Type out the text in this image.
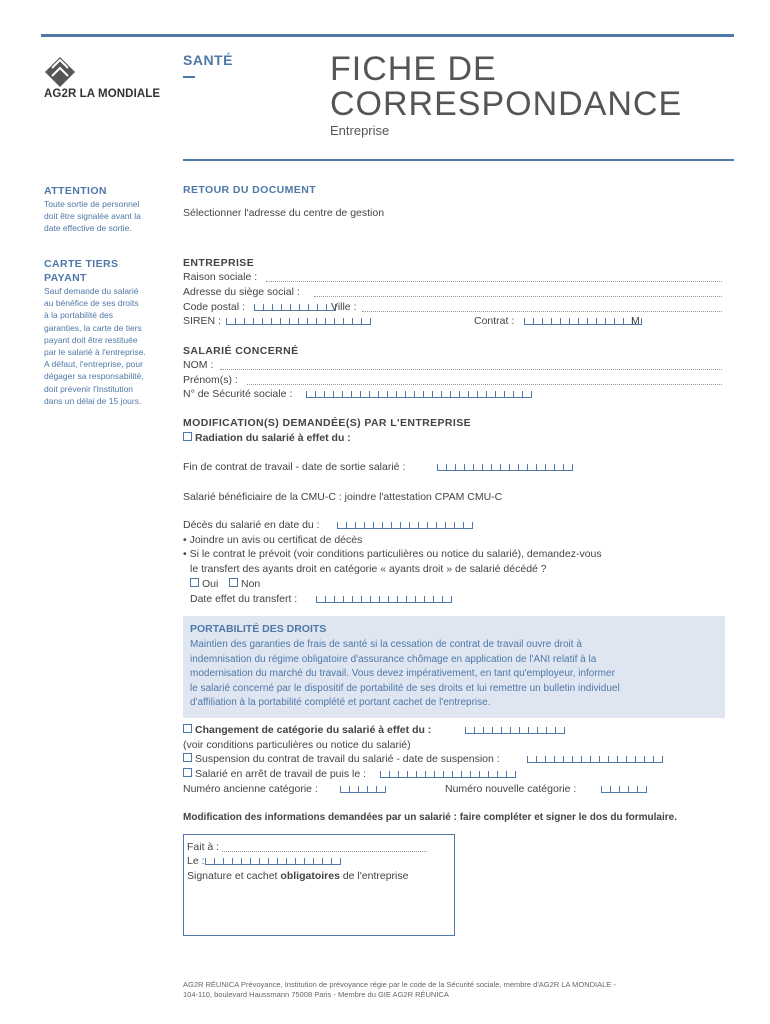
AG2R LA MONDIALE
SANTÉ	FICHE DE
CORRESPONDANCE
Entreprise
ATTENTION
Toute sortie de personnel
doit être signalée avant la
date effective de sortie.
CARTE TIERS
PAYANT
Sauf demande du salarié
au bénéfice de ses droits
à la portabilité des
garanties, la carte de tiers
payant doit être restituée
par le salarié à l'entreprise.
A défaut, l'entreprise, pour
dégager sa responsabilité,
doit prévenir l'Institution
dans un délai de 15 jours.
RETOUR DU DOCUMENT
Sélectionner l'adresse du centre de gestion
ENTREPRISE
Raison sociale :
Adresse du siège social :
Code postal :	Ville :
SIREN :	Contrat :	M
SALARIÉ CONCERNÉ
NOM :
Prénom(s) :
N° de Sécurité sociale :
MODIFICATION(S) DEMANDÉE(S) PAR L'ENTREPRISE
Radiation du salarié à effet du :
Fin de contrat de travail - date de sortie salarié :
Salarié bénéficiaire de la CMU-C : joindre l'attestation CPAM CMU-C
Décès du salarié en date du :
• Joindre un avis ou certificat de décès
• Si le contrat le prévoit (voir conditions particulières ou notice du salarié), demandez-vous
le transfert des ayants droit en catégorie « ayants droit » de salarié décédé ?
Oui	Non
Date effet du transfert :
PORTABILITÉ DES DROITS
Maintien des garanties de frais de santé si la cessation de contrat de travail ouvre droit à
indemnisation du régime obligatoire d'assurance chômage en application de l'ANI relatif à la
modernisation du marché du travail. Vous devez impérativement, en tant qu'employeur, informer
le salarié concerné par le dispositif de portabilité de ses droits et lui remettre un bulletin individuel
d'affiliation à la portabilité complété et portant cachet de l'entreprise.
Changement de catégorie du salarié à effet du :
(voir conditions particulières ou notice du salarié)
Suspension du contrat de travail du salarié - date de suspension :
Salarié en arrêt de travail de puis le :
Numéro ancienne catégorie :	Numéro nouvelle catégorie :
Modification des informations demandées par un salarié : faire compléter et signer le dos du formulaire.
Fait à :
Le :
Signature et cachet obligatoires de l'entreprise
AG2R RÉUNICA Prévoyance, Institution de prévoyance régie par le code de la Sécurité sociale, membre d'AG2R LA MONDIALE -
104-110, boulevard Haussmann 75008 Paris - Membre du GIE AG2R RÉUNICA
